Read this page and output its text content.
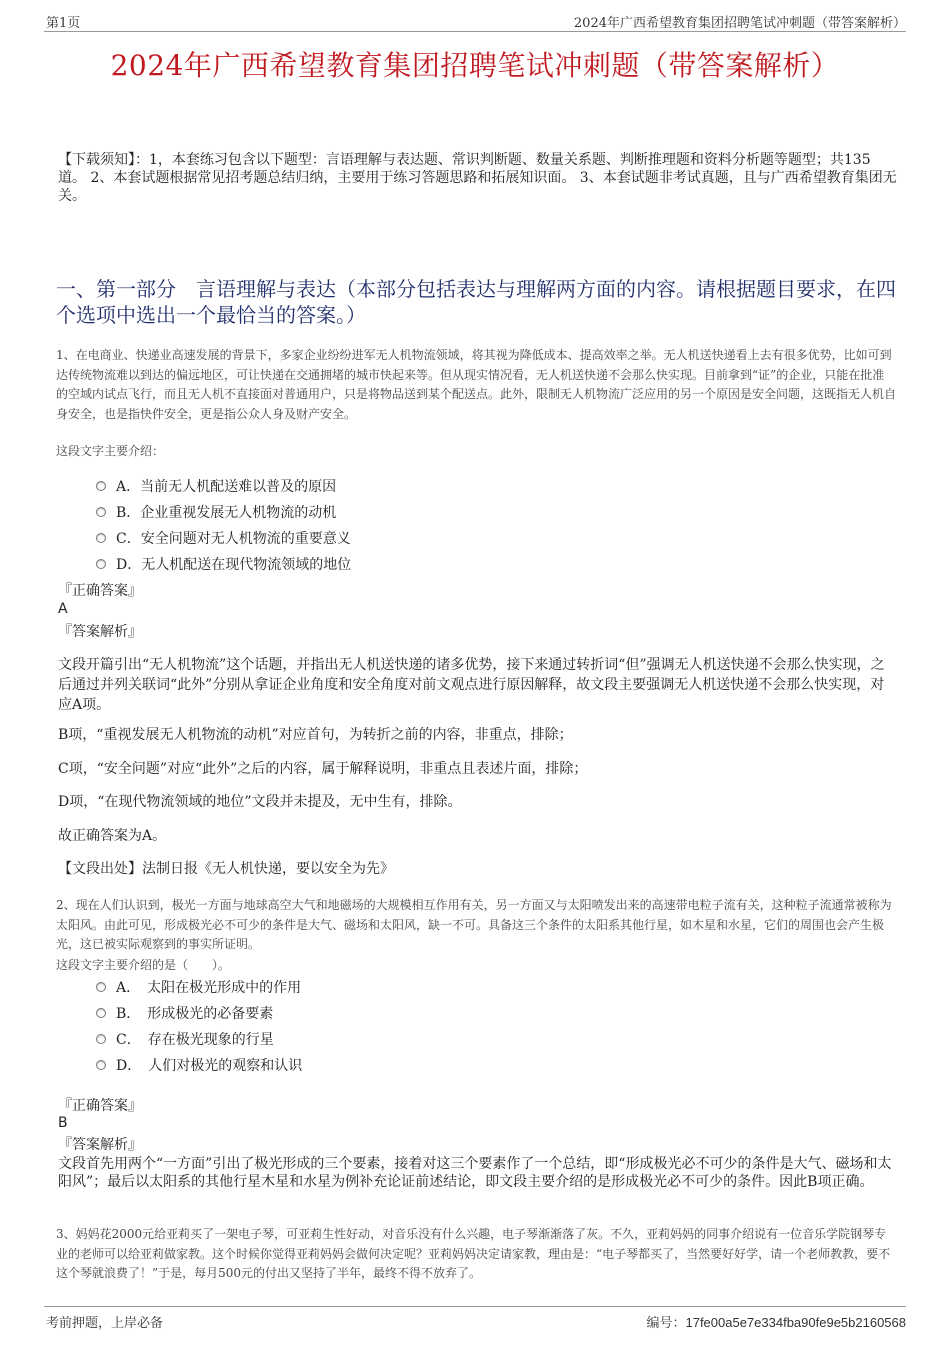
第1页	2024年广西希望教育集团招聘笔试冲刺题（带答案解析）
2024年广西希望教育集团招聘笔试冲刺题（带答案解析）
【下载须知】：1，本套练习包含以下题型：言语理解与表达题、常识判断题、数量关系题、判断推理题和资料分析题等题型；共135道。 2、本套试题根据常见招考题总结归纳，主要用于练习答题思路和拓展知识面。 3、本套试题非考试真题，且与广西希望教育集团无关。
一、第一部分　言语理解与表达（本部分包括表达与理解两方面的内容。请根据题目要求，在四个选项中选出一个最恰当的答案。）
1、在电商业、快递业高速发展的背景下，多家企业纷纷进军无人机物流领域，将其视为降低成本、提高效率之举。无人机送快递看上去有很多优势，比如可到达传统物流难以到达的偏远地区，可让快递在交通拥堵的城市快起来等。但从现实情况看，无人机送快递不会那么快实现。目前拿到“证”的企业，只能在批准的空域内试点飞行，而且无人机不直接面对普通用户，只是将物品送到某个配送点。此外，限制无人机物流广泛应用的另一个原因是安全问题，这既指无人机自身安全，也是指快件安全，更是指公众人身及财产安全。
这段文字主要介绍：
A．当前无人机配送难以普及的原因
B．企业重视发展无人机物流的动机
C．安全问题对无人机物流的重要意义
D．无人机配送在现代物流领域的地位
『正确答案』
A
『答案解析』

文段开篇引出“无人机物流”这个话题，并指出无人机送快递的诸多优势，接下来通过转折词“但”强调无人机送快递不会那么快实现，之后通过并列关联词“此外”分别从拿证企业角度和安全角度对前文观点进行原因解释，故文段主要强调无人机送快递不会那么快实现，对应A项。

B项，“重视发展无人机物流的动机”对应首句，为转折之前的内容，非重点，排除；
C项，“安全问题”对应“此外”之后的内容，属于解释说明，非重点且表述片面，排除；
D项，“在现代物流领域的地位”文段并未提及，无中生有，排除。
故正确答案为A。
【文段出处】法制日报《无人机快递，要以安全为先》
2、现在人们认识到，极光一方面与地球高空大气和地磁场的大规模相互作用有关，另一方面又与太阳喷发出来的高速带电粒子流有关，这种粒子流通常被称为太阳风。由此可见，形成极光必不可少的条件是大气、磁场和太阳风，缺一不可。具备这三个条件的太阳系其他行星，如木星和水星，它们的周围也会产生极光，这已被实际观察到的事实所证明。
这段文字主要介绍的是（　　）。
A．　太阳在极光形成中的作用
B．　形成极光的必备要素
C．　存在极光现象的行星
D．　人们对极光的观察和认识
『正确答案』
B
『答案解析』
文段首先用两个“一方面”引出了极光形成的三个要素，接着对这三个要素作了一个总结，即“形成极光必不可少的条件是大气、磁场和太阳风”；最后以太阳系的其他行星木星和水星为例补充论证前述结论，即文段主要介绍的是形成极光必不可少的条件。因此B项正确。
3、妈妈花2000元给亚莉买了一架电子琴，可亚莉生性好动，对音乐没有什么兴趣，电子琴渐渐落了灰。不久，亚莉妈妈的同事介绍说有一位音乐学院钢琴专业的老师可以给亚莉做家教。这个时候你觉得亚莉妈妈会做何决定呢？亚莉妈妈决定请家教，理由是：“电子琴都买了，当然要好好学，请一个老师教教，要不这个琴就浪费了！”于是，每月500元的付出又坚持了半年，最终不得不放弃了。
考前押题，上岸必备	编号：17fe00a5e7e334fba90fe9e5b2160568
